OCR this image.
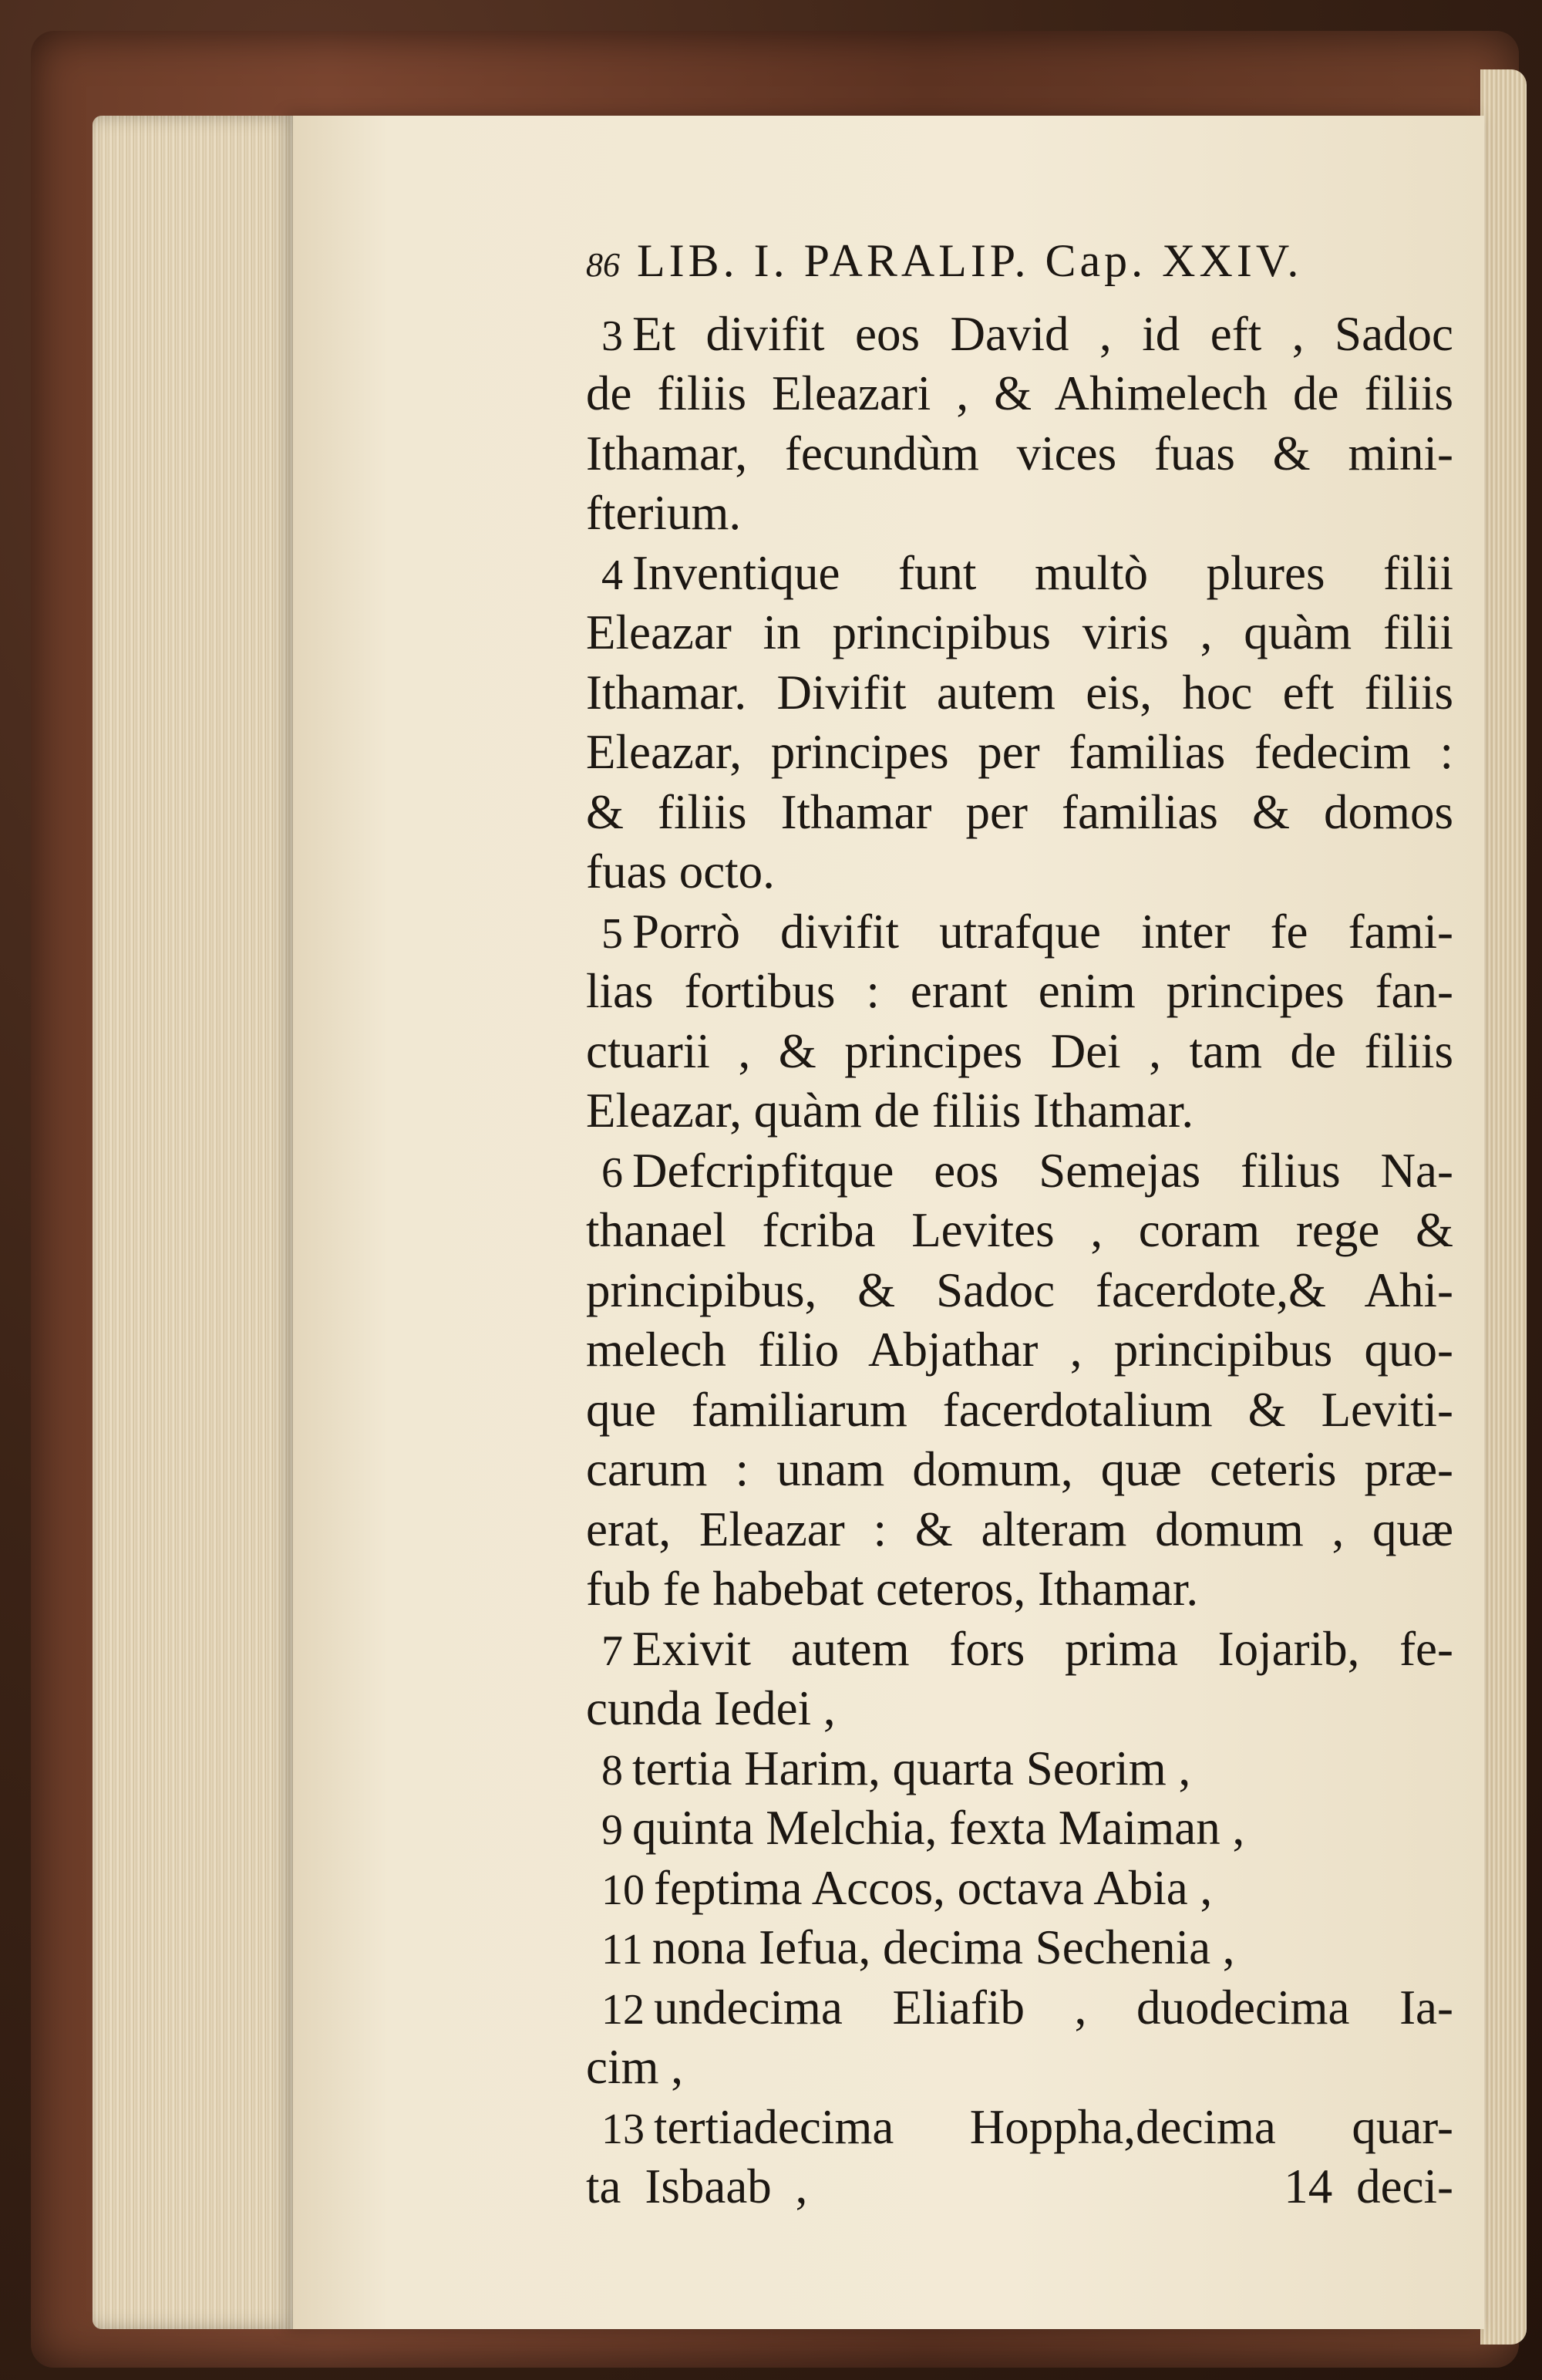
86 LIB. I. PARALIP. Cap. XXIV.
3 Et divifit eos David , id eft , Sadoc
de filiis Eleazari , & Ahimelech de filiis
Ithamar, fecundùm vices fuas & mini-
fterium.
4 Inventique funt multò plures filii
Eleazar in principibus viris , quàm filii
Ithamar. Divifit autem eis, hoc eft filiis
Eleazar, principes per familias fedecim :
& filiis Ithamar per familias & domos
fuas octo.
5 Porrò divifit utrafque inter fe fami-
lias fortibus : erant enim principes fan-
ctuarii , & principes Dei , tam de filiis
Eleazar, quàm de filiis Ithamar.
6 Defcripfitque eos Semejas filius Na-
thanael fcriba Levites , coram rege &
principibus, & Sadoc facerdote,& Ahi-
melech filio Abjathar , principibus quo-
que familiarum facerdotalium & Leviti-
carum : unam domum, quæ ceteris præ-
erat, Eleazar : & alteram domum , quæ
fub fe habebat ceteros, Ithamar.
7 Exivit autem fors prima Iojarib, fe-
cunda Iedei ,
8 tertia Harim, quarta Seorim ,
9 quinta Melchia, fexta Maiman ,
10 feptima Accos, octava Abia ,
11 nona Iefua, decima Sechenia ,
12 undecima Eliafib , duodecima Ia-
cim ,
13 tertiadecima Hoppha,decima quar-
ta Isbaab ,                    14 deci-
